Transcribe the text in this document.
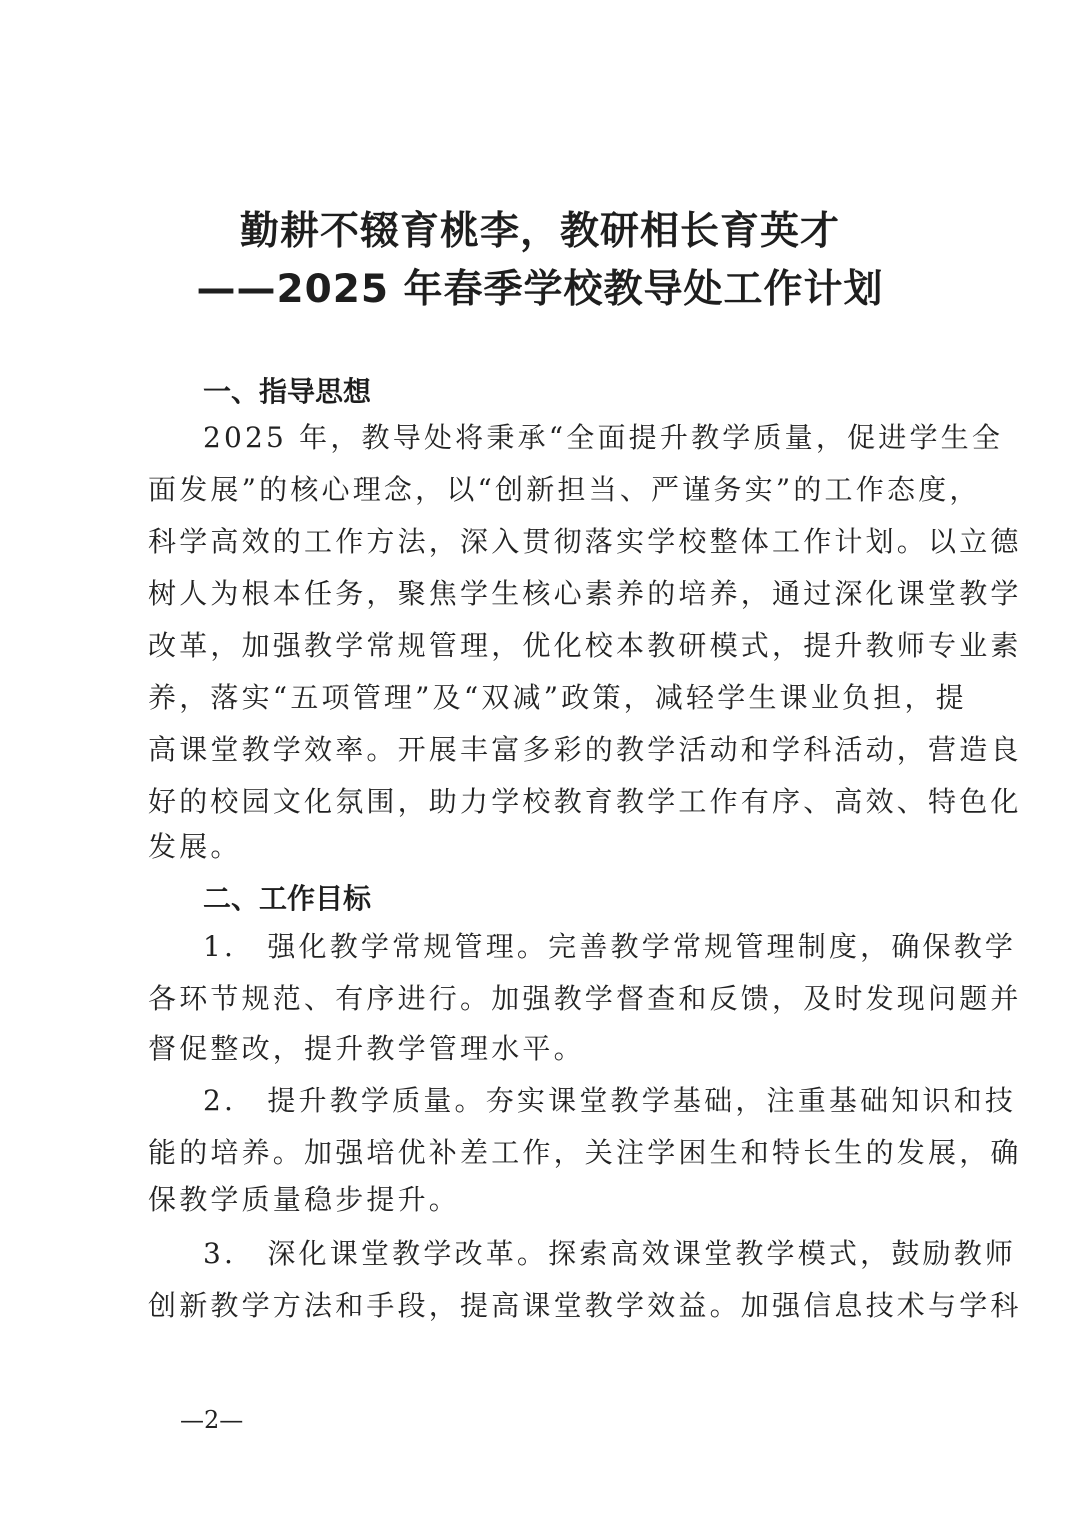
勤耕不辍育桃李，教研相长育英才
——2025 年春季学校教导处工作计划
一、指导思想
2025 年，教导处将秉承“全面提升教学质量，促进学生全
面发展”的核心理念，以“创新担当、严谨务实”的工作态度，
科学高效的工作方法，深入贯彻落实学校整体工作计划。以立德
树人为根本任务，聚焦学生核心素养的培养，通过深化课堂教学
改革，加强教学常规管理，优化校本教研模式，提升教师专业素
养，落实“五项管理”及“双减”政策，减轻学生课业负担，提
高课堂教学效率。开展丰富多彩的教学活动和学科活动，营造良
好的校园文化氛围，助力学校教育教学工作有序、高效、特色化
发展。
二、工作目标
1.　强化教学常规管理。完善教学常规管理制度，确保教学
各环节规范、有序进行。加强教学督查和反馈，及时发现问题并
督促整改，提升教学管理水平。
2.　提升教学质量。夯实课堂教学基础，注重基础知识和技
能的培养。加强培优补差工作，关注学困生和特长生的发展，确
保教学质量稳步提升。
3.　深化课堂教学改革。探索高效课堂教学模式，鼓励教师
创新教学方法和手段，提高课堂教学效益。加强信息技术与学科
—2—
